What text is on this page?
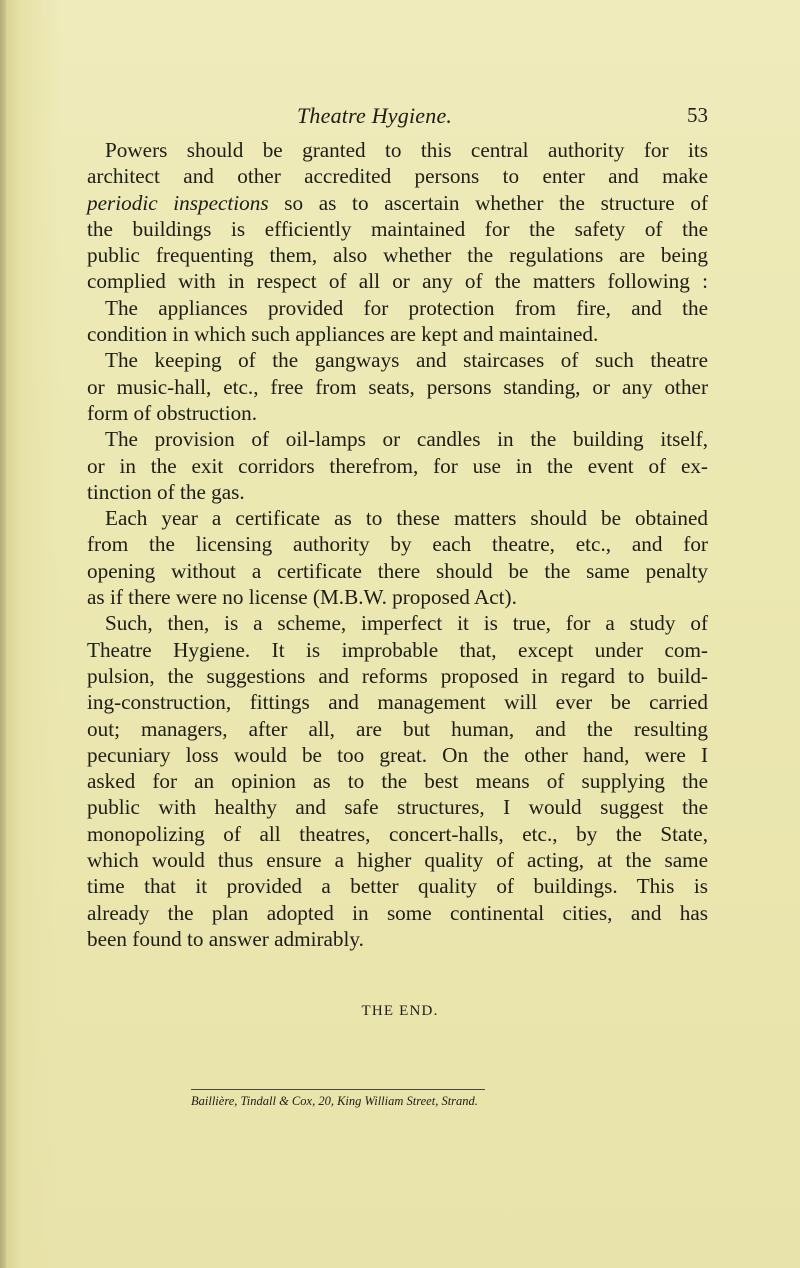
Theatre Hygiene.	53
Powers should be granted to this central authority for its
architect and other accredited persons to enter and make
periodic inspections so as to ascertain whether the structure of
the buildings is efficiently maintained for the safety of the
public frequenting them, also whether the regulations are being
complied with in respect of all or any of the matters following :
The appliances provided for protection from fire, and the
condition in which such appliances are kept and maintained.
The keeping of the gangways and staircases of such theatre
or music-hall, etc., free from seats, persons standing, or any other
form of obstruction.
The provision of oil-lamps or candles in the building itself,
or in the exit corridors therefrom, for use in the event of ex-
tinction of the gas.
Each year a certificate as to these matters should be obtained
from the licensing authority by each theatre, etc., and for
opening without a certificate there should be the same penalty
as if there were no license (M.B.W. proposed Act).
Such, then, is a scheme, imperfect it is true, for a study of
Theatre Hygiene. It is improbable that, except under com-
pulsion, the suggestions and reforms proposed in regard to build-
ing-construction, fittings and management will ever be carried
out; managers, after all, are but human, and the resulting
pecuniary loss would be too great. On the other hand, were I
asked for an opinion as to the best means of supplying the
public with healthy and safe structures, I would suggest the
monopolizing of all theatres, concert-halls, etc., by the State,
which would thus ensure a higher quality of acting, at the same
time that it provided a better quality of buildings. This is
already the plan adopted in some continental cities, and has
been found to answer admirably.
THE END.
Baillière, Tindall & Cox, 20, King William Street, Strand.
